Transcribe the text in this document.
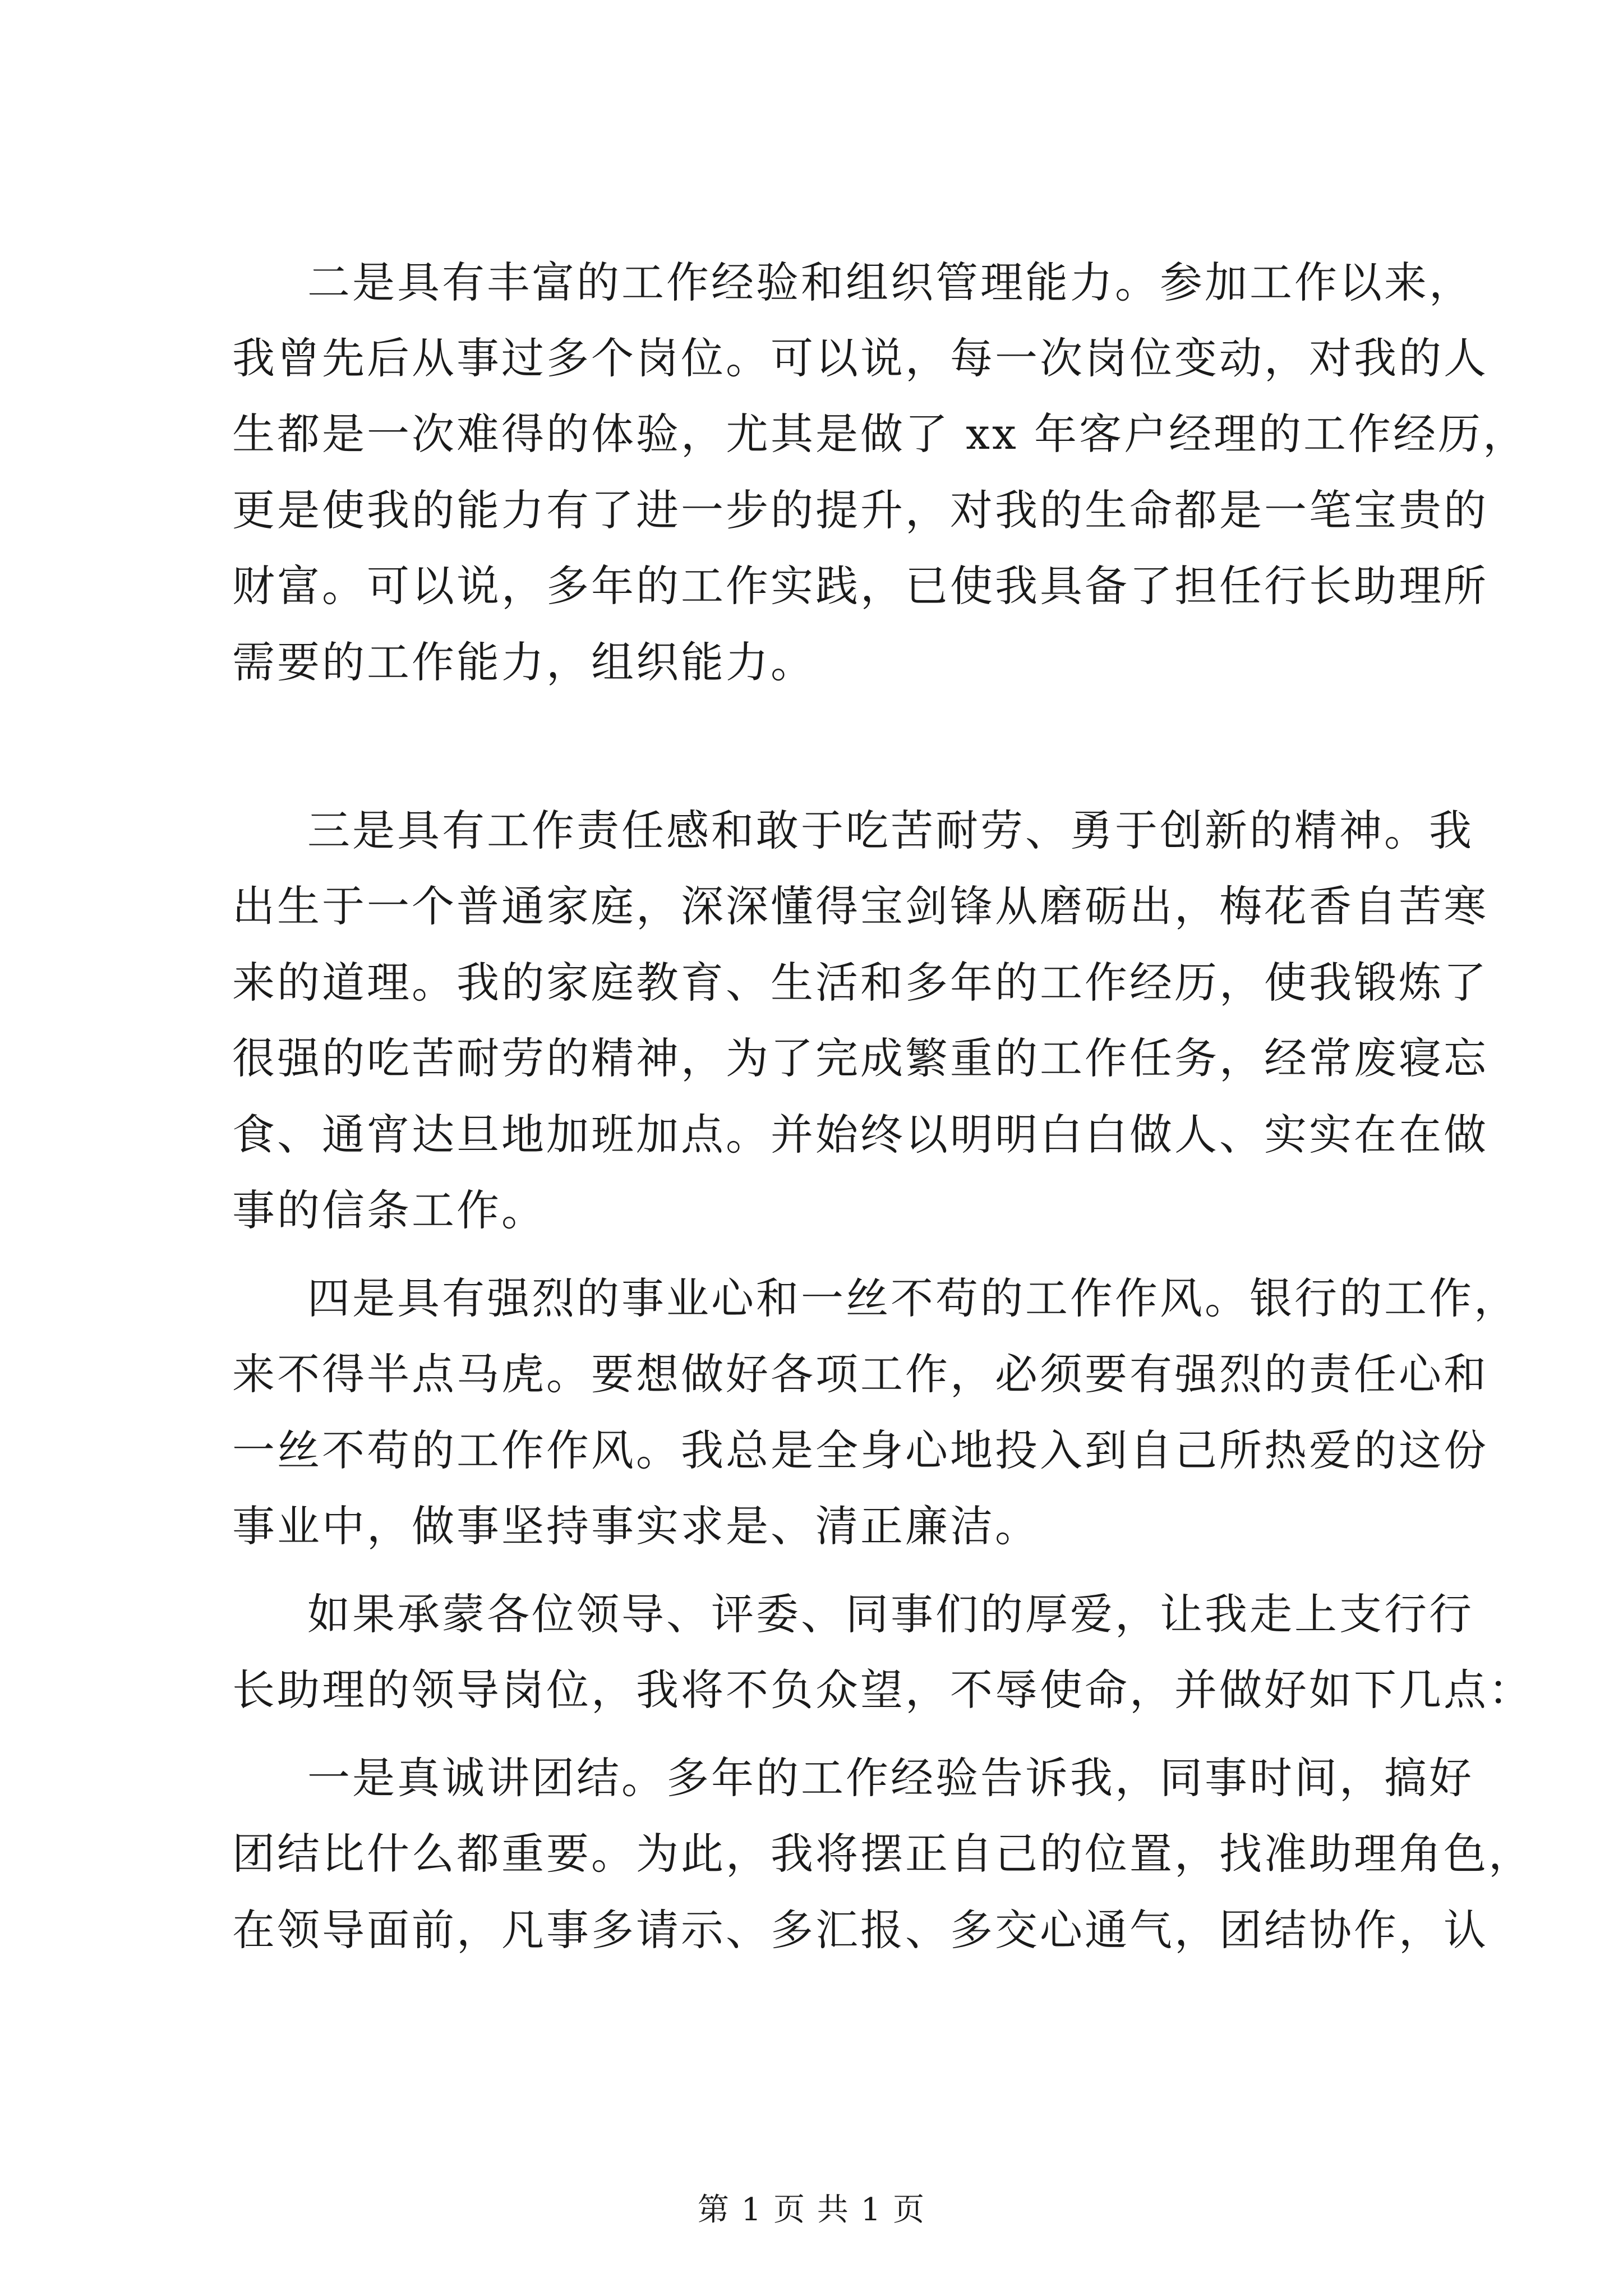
二是具有丰富的工作经验和组织管理能力。参加工作以来，
我曾先后从事过多个岗位。可以说，每一次岗位变动，对我的人
生都是一次难得的体验，尤其是做了 xx 年客户经理的工作经历，
更是使我的能力有了进一步的提升，对我的生命都是一笔宝贵的
财富。可以说，多年的工作实践，已使我具备了担任行长助理所
需要的工作能力，组织能力。
三是具有工作责任感和敢于吃苦耐劳、勇于创新的精神。我
出生于一个普通家庭，深深懂得宝剑锋从磨砺出，梅花香自苦寒
来的道理。我的家庭教育、生活和多年的工作经历，使我锻炼了
很强的吃苦耐劳的精神，为了完成繁重的工作任务，经常废寝忘
食、通宵达旦地加班加点。并始终以明明白白做人、实实在在做
事的信条工作。
四是具有强烈的事业心和一丝不苟的工作作风。银行的工作，
来不得半点马虎。要想做好各项工作，必须要有强烈的责任心和
一丝不苟的工作作风。我总是全身心地投入到自己所热爱的这份
事业中，做事坚持事实求是、清正廉洁。
如果承蒙各位领导、评委、同事们的厚爱，让我走上支行行
长助理的领导岗位，我将不负众望，不辱使命，并做好如下几点：
一是真诚讲团结。多年的工作经验告诉我，同事时间，搞好
团结比什么都重要。为此，我将摆正自己的位置，找准助理角色，
在领导面前，凡事多请示、多汇报、多交心通气，团结协作，认
第 1 页 共 1 页
